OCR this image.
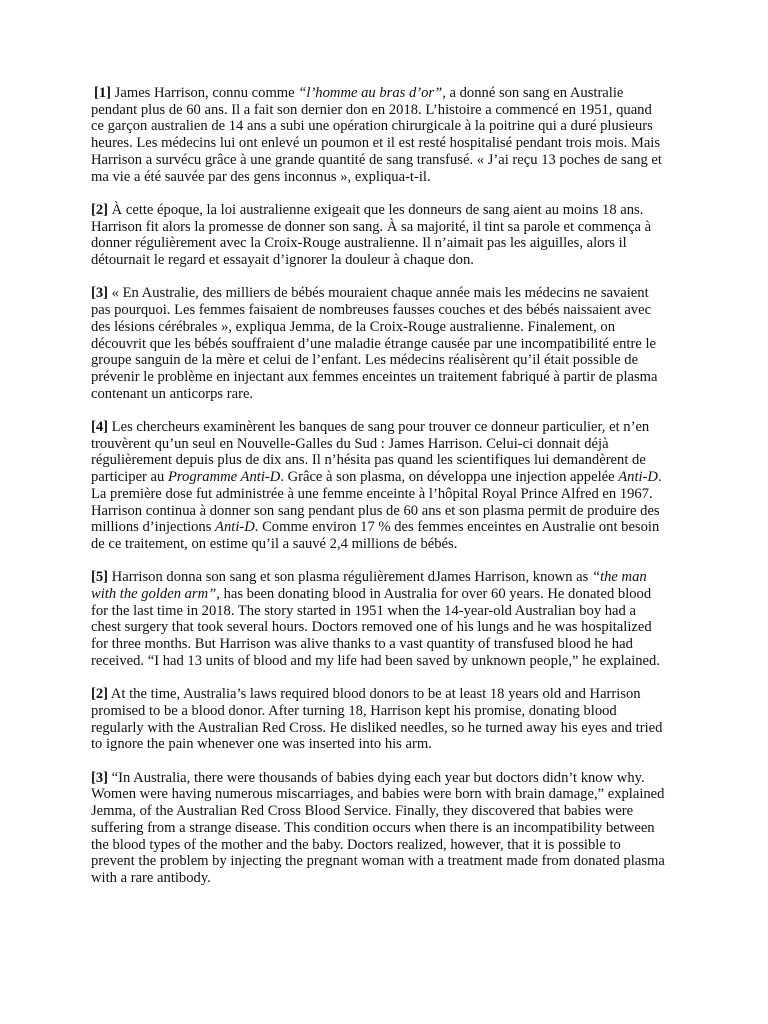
[1] James Harrison, connu comme “l’homme au bras d’or”, a donné son sang en Australie pendant plus de 60 ans. Il a fait son dernier don en 2018. L’histoire a commencé en 1951, quand ce garçon australien de 14 ans a subi une opération chirurgicale à la poitrine qui a duré plusieurs heures. Les médecins lui ont enlevé un poumon et il est resté hospitalisé pendant trois mois. Mais Harrison a survécu grâce à une grande quantité de sang transfusé. « J’ai reçu 13 poches de sang et ma vie a été sauvée par des gens inconnus », expliqua-t-il.

[2] À cette époque, la loi australienne exigeait que les donneurs de sang aient au moins 18 ans. Harrison fit alors la promesse de donner son sang. À sa majorité, il tint sa parole et commença à donner régulièrement avec la Croix-Rouge australienne. Il n’aimait pas les aiguilles, alors il détournait le regard et essayait d’ignorer la douleur à chaque don.

[3] « En Australie, des milliers de bébés mouraient chaque année mais les médecins ne savaient pas pourquoi. Les femmes faisaient de nombreuses fausses couches et des bébés naissaient avec des lésions cérébrales », expliqua Jemma, de la Croix-Rouge australienne. Finalement, on découvrit que les bébés souffraient d’une maladie étrange causée par une incompatibilité entre le groupe sanguin de la mère et celui de l’enfant. Les médecins réalisèrent qu’il était possible de prévenir le problème en injectant aux femmes enceintes un traitement fabriqué à partir de plasma contenant un anticorps rare.

[4] Les chercheurs examinèrent les banques de sang pour trouver ce donneur particulier, et n’en trouvèrent qu’un seul en Nouvelle-Galles du Sud : James Harrison. Celui-ci donnait déjà régulièrement depuis plus de dix ans. Il n’hésita pas quand les scientifiques lui demandèrent de participer au Programme Anti-D. Grâce à son plasma, on développa une injection appelée Anti-D. La première dose fut administrée à une femme enceinte à l’hôpital Royal Prince Alfred en 1967. Harrison continua à donner son sang pendant plus de 60 ans et son plasma permit de produire des millions d’injections Anti-D. Comme environ 17 % des femmes enceintes en Australie ont besoin de ce traitement, on estime qu’il a sauvé 2,4 millions de bébés.

[5] Harrison donna son sang et son plasma régulièrement dJames Harrison, known as “the man with the golden arm”, has been donating blood in Australia for over 60 years. He donated blood for the last time in 2018. The story started in 1951 when the 14-year-old Australian boy had a chest surgery that took several hours. Doctors removed one of his lungs and he was hospitalized for three months. But Harrison was alive thanks to a vast quantity of transfused blood he had received. “I had 13 units of blood and my life had been saved by unknown people,” he explained.

[2] At the time, Australia’s laws required blood donors to be at least 18 years old and Harrison promised to be a blood donor. After turning 18, Harrison kept his promise, donating blood regularly with the Australian Red Cross. He disliked needles, so he turned away his eyes and tried to ignore the pain whenever one was inserted into his arm.

[3] “In Australia, there were thousands of babies dying each year but doctors didn’t know why. Women were having numerous miscarriages, and babies were born with brain damage,” explained Jemma, of the Australian Red Cross Blood Service. Finally, they discovered that babies were suffering from a strange disease. This condition occurs when there is an incompatibility between the blood types of the mother and the baby. Doctors realized, however, that it is possible to prevent the problem by injecting the pregnant woman with a treatment made from donated plasma with a rare antibody.
